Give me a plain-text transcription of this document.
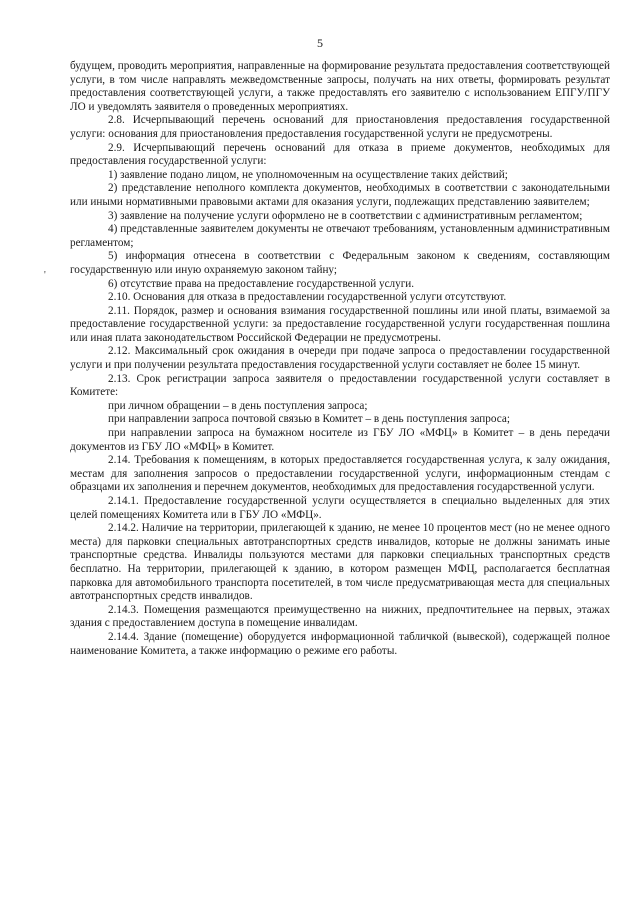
5
'

будущем, проводить мероприятия, направленные на формирование результата предоставления соответствующей услуги, в том числе направлять межведомственные запросы, получать на них ответы, формировать результат предоставления соответствующей услуги, а также предоставлять его заявителю с использованием ЕПГУ/ПГУ ЛО и уведомлять заявителя о проведенных мероприятиях.

2.8. Исчерпывающий перечень оснований для приостановления предоставления государственной услуги: основания для приостановления предоставления государственной услуги не предусмотрены.

2.9. Исчерпывающий перечень оснований для отказа в приеме документов, необходимых для предоставления государственной услуги:

1) заявление подано лицом, не уполномоченным на осуществление таких действий;

2) представление неполного комплекта документов, необходимых в соответствии с законодательными или иными нормативными правовыми актами для оказания услуги, подлежащих представлению заявителем;

3) заявление на получение услуги оформлено не в соответствии с административным регламентом;

4) представленные заявителем документы не отвечают требованиям, установленным административным регламентом;

5) информация отнесена в соответствии с Федеральным законом к сведениям, составляющим государственную или иную охраняемую законом тайну;

6) отсутствие права на предоставление государственной услуги.

2.10. Основания для отказа в предоставлении государственной услуги отсутствуют.

2.11. Порядок, размер и основания взимания государственной пошлины или иной платы, взимаемой за предоставление государственной услуги: за предоставление государственной услуги государственная пошлина или иная плата законодательством Российской Федерации не предусмотрены.

2.12. Максимальный срок ожидания в очереди при подаче запроса о предоставлении государственной услуги и при получении результата предоставления государственной услуги составляет не более 15 минут.

2.13. Срок регистрации запроса заявителя о предоставлении государственной услуги составляет в Комитете:

при личном обращении – в день поступления запроса;

при направлении запроса почтовой связью в Комитет – в день поступления запроса;

при направлении запроса на бумажном носителе из ГБУ ЛО «МФЦ» в Комитет – в день передачи документов из ГБУ ЛО «МФЦ» в Комитет.

2.14. Требования к помещениям, в которых предоставляется государственная услуга, к залу ожидания, местам для заполнения запросов о предоставлении государственной услуги, информационным стендам с образцами их заполнения и перечнем документов, необходимых для предоставления государственной услуги.

2.14.1. Предоставление государственной услуги осуществляется в специально выделенных для этих целей помещениях Комитета или в ГБУ ЛО «МФЦ».

2.14.2. Наличие на территории, прилегающей к зданию, не менее 10 процентов мест (но не менее одного места) для парковки специальных автотранспортных средств инвалидов, которые не должны занимать иные транспортные средства. Инвалиды пользуются местами для парковки специальных транспортных средств бесплатно. На территории, прилегающей к зданию, в котором размещен МФЦ, располагается бесплатная парковка для автомобильного транспорта посетителей, в том числе предусматривающая места для специальных автотранспортных средств инвалидов.

2.14.3. Помещения размещаются преимущественно на нижних, предпочтительнее на первых, этажах здания с предоставлением доступа в помещение инвалидам.

2.14.4. Здание (помещение) оборудуется информационной табличкой (вывеской), содержащей полное наименование Комитета, а также информацию о режиме его работы.
